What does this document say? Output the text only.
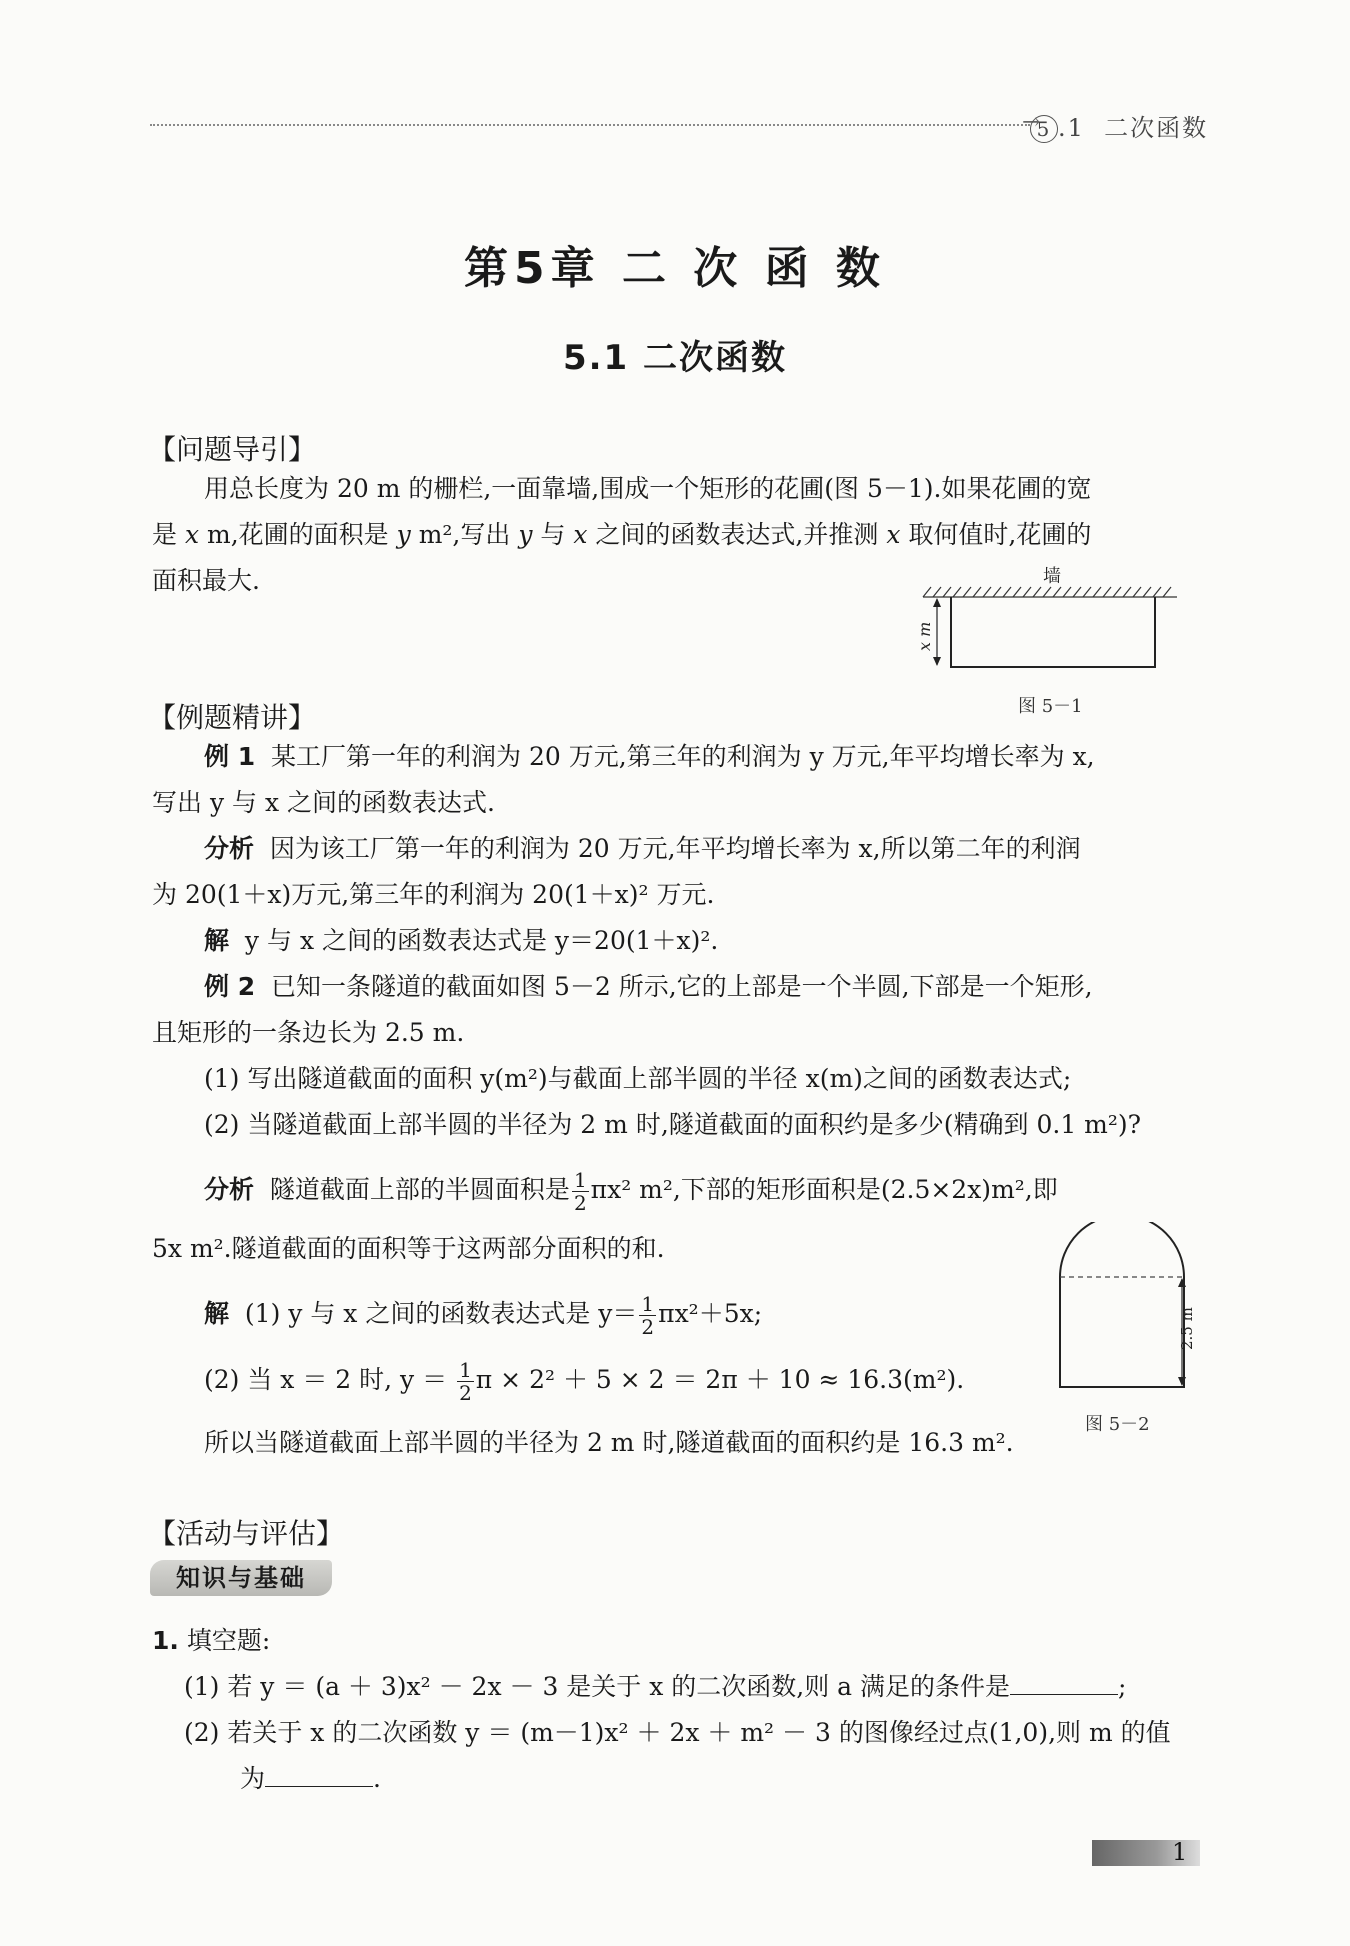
→
5 .1 二次函数
第5章 二 次 函 数
5.1 二次函数
【问题导引】
用总长度为 20 m 的栅栏,一面靠墙,围成一个矩形的花圃(图 5－1).如果花圃的宽
是 x m,花圃的面积是 y m²,写出 y 与 x 之间的函数表达式,并推测 x 取何值时,花圃的
面积最大.	墙
x m
图 5－1
【例题精讲】
例 1 某工厂第一年的利润为 20 万元,第三年的利润为 y 万元,年平均增长率为 x,
写出 y 与 x 之间的函数表达式.
分析 因为该工厂第一年的利润为 20 万元,年平均增长率为 x,所以第二年的利润
为 20(1＋x)万元,第三年的利润为 20(1＋x)² 万元.
解 y 与 x 之间的函数表达式是 y＝20(1＋x)².
例 2 已知一条隧道的截面如图 5－2 所示,它的上部是一个半圆,下部是一个矩形,
且矩形的一条边长为 2.5 m.
(1) 写出隧道截面的面积 y(m²)与截面上部半圆的半径 x(m)之间的函数表达式;
(2) 当隧道截面上部半圆的半径为 2 m 时,隧道截面的面积约是多少(精确到 0.1 m²)?
分析 隧道截面上部的半圆面积是 $\frac{1}{2} \pi x^2$ m²,下部的矩形面积是(2.5×2x)m²,即
5x m².隧道截面的面积等于这两部分面积的和.
解 (1) y 与 x 之间的函数表达式是 $y= \frac{1}{2} \pi x^2+5x$;
(2) 当 x ＝ 2 时, $y = \frac{1}{2}$ π × 2² ＋ 5 × 2 ＝ 2π ＋ 10 ≈ 16.3(m²).
所以当隧道截面上部半圆的半径为 2 m 时,隧道截面的面积约是 16.3 m².
2.5 m
图 5－2
【活动与评估】
知识与基础
1. 填空题:
(1) 若 y ＝ (a ＋ 3)x² － 2x － 3 是关于 x 的二次函数,则 a 满足的条件是	;
(2) 若关于 x 的二次函数 y ＝ (m－1)x² ＋ 2x ＋ m² － 3 的图像经过点(1,0),则 m 的值
为	.
1
